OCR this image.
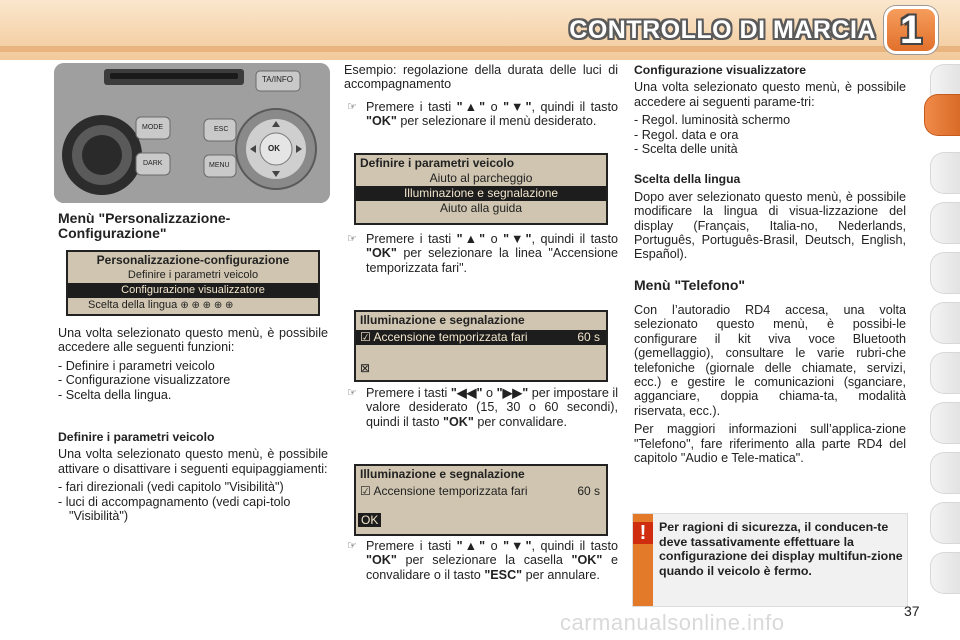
CONTROLLO DI MARCIA 1
TA/INFO
MODE
DARK
ESC
MENU
OK
Menù "Personalizzazione-Configurazione"
Personalizzazione-configurazione
Definire i parametri veicolo
Configurazione visualizzatore
Scelta della lingua ⊕ ⊕ ⊕ ⊕ ⊕

Una volta selezionato questo menù, è possibile accedere alle seguenti funzioni:

- Definire i parametri veicolo
- Configurazione visualizzatore
- Scelta della lingua.
Definire i parametri veicolo

Una volta selezionato questo menù, è possibile attivare o disattivare i seguenti equipaggiamenti:

- fari direzionali (vedi capitolo "Visibilità")
- luci di accompagnamento (vedi capi-tolo "Visibilità")

Esempio: regolazione della durata delle luci di accompagnamento

☞ Premere i tasti "▲" o "▼", quindi il tasto "OK" per selezionare il menù desiderato.
Definire i parametri veicolo
Aiuto al parcheggio
Illuminazione e segnalazione
Aiuto alla guida
☞ Premere i tasti "▲" o "▼", quindi il tasto "OK" per selezionare la linea "Accensione temporizzata fari".
Illuminazione e segnalazione
☑ Accensione temporizzata fari	60 s
⊠
☞ Premere i tasti "◀◀" o "▶▶" per impostare il valore desiderato (15, 30 o 60 secondi), quindi il tasto "OK" per convalidare.
Illuminazione e segnalazione
☑ Accensione temporizzata fari	60 s
OK
☞ Premere i tasti "▲" o "▼", quindi il tasto "OK" per selezionare la casella "OK" e convalidare o il tasto "ESC" per annulare.
Configurazione visualizzatore

Una volta selezionato questo menù, è possibile accedere ai seguenti parame-tri:

- Regol. luminosità schermo
- Regol. data e ora
- Scelta delle unità
Scelta della lingua

Dopo aver selezionato questo menù, è possibile modificare la lingua di visua-lizzazione del display (Français, Italia-no, Nederlands, Português, Português-Brasil, Deutsch, English, Español).

Menù "Telefono"

Con l’autoradio RD4 accesa, una volta selezionato questo menù, è possibi-le configurare il kit viva voce Bluetooth (gemellaggio), consultare le varie rubri-che telefoniche (giornale delle chiamate, servizi, ecc.) e gestire le comunicazioni (sganciare, agganciare, doppia chiama-ta, modalità riservata, ecc.).

Per maggiori informazioni sull’applica-zione "Telefono", fare riferimento alla parte RD4 del capitolo "Audio e Tele-matica".

!	Per ragioni di sicurezza, il conducen-te deve tassativamente effettuare la configurazione dei display multifun-zione quando il veicolo è fermo.
37
carmanualsonline.info
